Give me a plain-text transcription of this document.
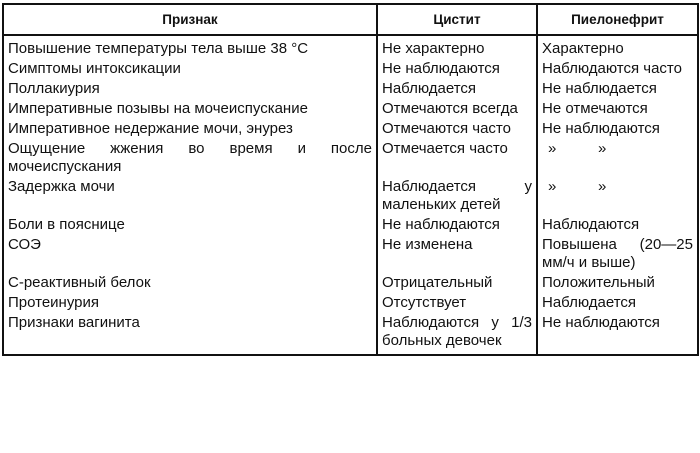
Признак	Цистит	Пиелонефрит
Повышение температуры тела выше 38 °C	Не характерно	Характерно
Симптомы интоксикации	Не наблюдаются	Наблюдаются часто
Поллакиурия	Наблюдается	Не наблюдается
Императивные позывы на мочеиспускание	Отмечаются всегда	Не отмечаются
Императивное недержание мочи, энурез	Отмечаются часто	Не наблюдаются
Ощущение жжения во время и после мочеиспускания	Отмечается часто	»          »
Задержка мочи	Наблюдается у маленьких детей	»          »
Боли в пояснице	Не наблюдаются	Наблюдаются
СОЭ	Не изменена	Повышена (20—25 мм/ч и выше)
С-реактивный белок	Отрицательный	Положительный
Протеинурия	Отсутствует	Наблюдается
Признаки вагинита	Наблюдаются у 1/3 больных девочек	Не наблюдаются
